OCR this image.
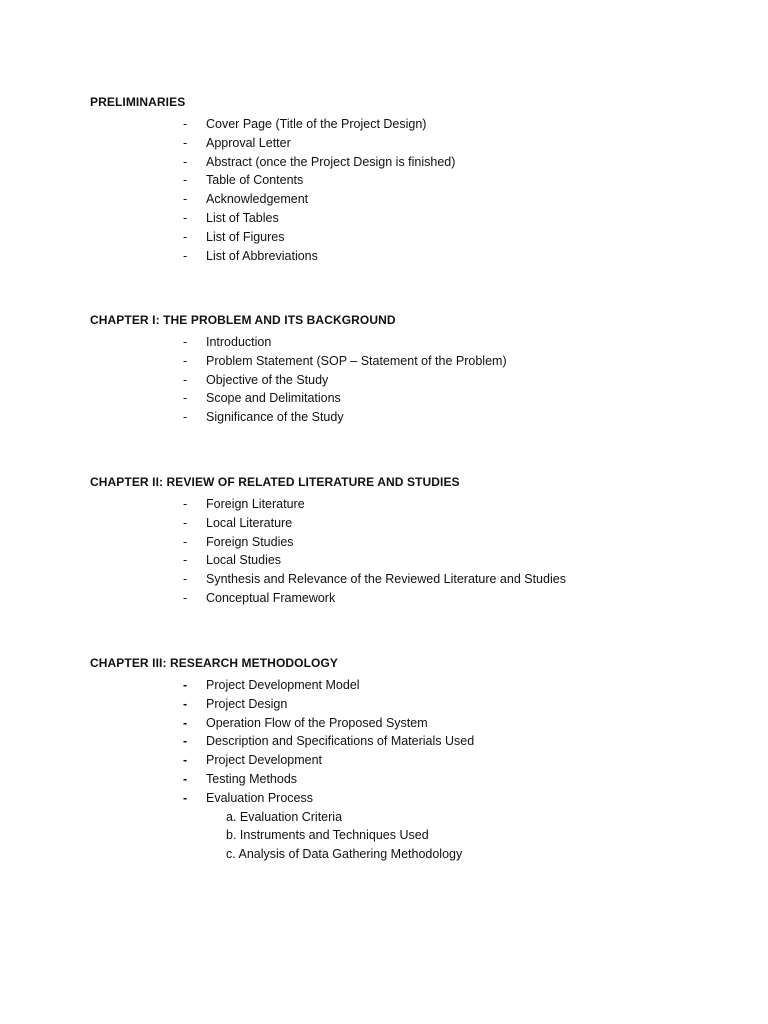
PRELIMINARIES

- Cover Page (Title of the Project Design)
- Approval Letter
- Abstract (once the Project Design is finished)
- Table of Contents
- Acknowledgement
- List of Tables
- List of Figures
- List of Abbreviations

CHAPTER I: THE PROBLEM AND ITS BACKGROUND

- Introduction
- Problem Statement (SOP – Statement of the Problem)
- Objective of the Study
- Scope and Delimitations
- Significance of the Study

CHAPTER II: REVIEW OF RELATED LITERATURE AND STUDIES

- Foreign Literature
- Local Literature
- Foreign Studies
- Local Studies
- Synthesis and Relevance of the Reviewed Literature and Studies
- Conceptual Framework

CHAPTER III: RESEARCH METHODOLOGY

- Project Development Model
- Project Design
- Operation Flow of the Proposed System
- Description and Specifications of Materials Used
- Project Development
- Testing Methods
- Evaluation Process
a. Evaluation Criteria
b. Instruments and Techniques Used
c. Analysis of Data Gathering Methodology
